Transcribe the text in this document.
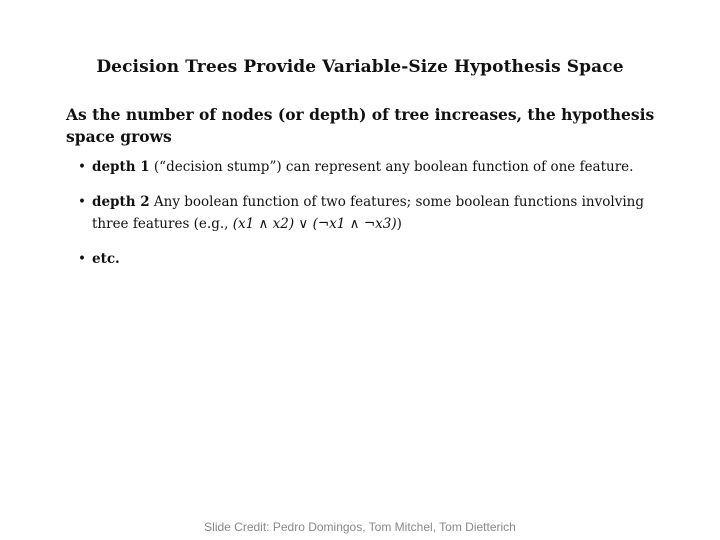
Decision Trees Provide Variable-Size Hypothesis Space
As the number of nodes (or depth) of tree increases, the hypothesis space grows
• depth 1 (“decision stump”) can represent any boolean function of one feature.
• depth 2 Any boolean function of two features; some boolean functions involving three features (e.g., (x1 ∧ x2) ∨ (¬x1 ∧ ¬x3))
• etc.
Slide Credit: Pedro Domingos, Tom Mitchel, Tom Dietterich
